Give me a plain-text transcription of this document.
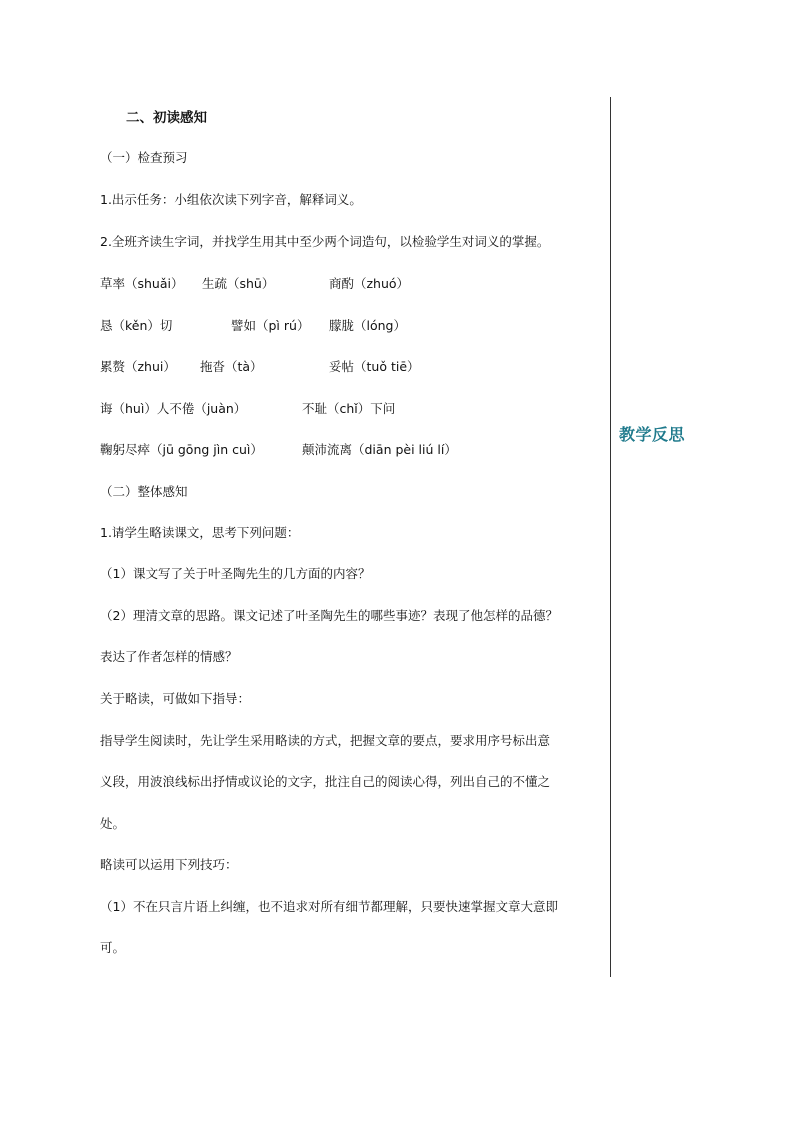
二、初读感知
（一）检查预习
1.出示任务：小组依次读下列字音，解释词义。
2.全班齐读生字词，并找学生用其中至少两个词造句，以检验学生对词义的掌握。
草率（shuǎi） 生疏（shū）	商酌（zhuó）
恳（kěn）切	譬如（pì rú） 朦胧（lóng）
累赘（zhui） 拖沓（tà）	妥帖（tuǒ tiē）
诲（huì）人不倦（juàn）	不耻（chǐ）下问
鞠躬尽瘁（jū gōng jìn cuì）	颠沛流离（diān pèi liú lí）
（二）整体感知
1.请学生略读课文，思考下列问题：
（1）课文写了关于叶圣陶先生的几方面的内容？
（2）理清文章的思路。课文记述了叶圣陶先生的哪些事迹？表现了他怎样的品德？
表达了作者怎样的情感？
关于略读，可做如下指导：
指导学生阅读时，先让学生采用略读的方式，把握文章的要点，要求用序号标出意
义段，用波浪线标出抒情或议论的文字，批注自己的阅读心得，列出自己的不懂之
处。
略读可以运用下列技巧：
（1）不在只言片语上纠缠，也不追求对所有细节都理解，只要快速掌握文章大意即
可。
教学反思
